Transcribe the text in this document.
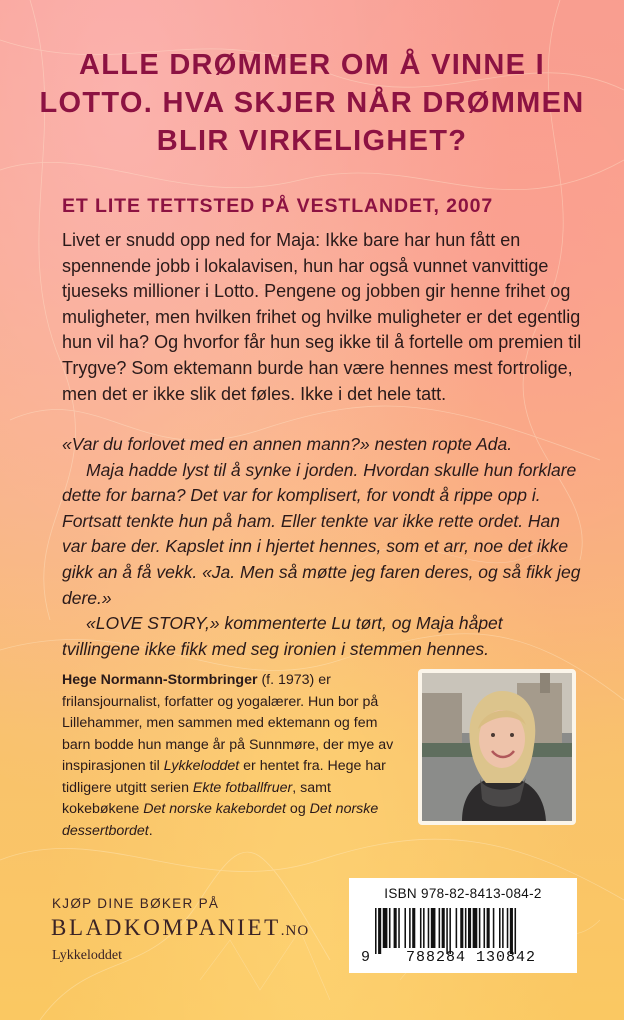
ALLE DRØMMER OM Å VINNE I LOTTO. HVA SKJER NÅR DRØMMEN BLIR VIRKELIGHET?
ET LITE TETTSTED PÅ VESTLANDET, 2007

Livet er snudd opp ned for Maja: Ikke bare har hun fått en spennende jobb i lokalavisen, hun har også vunnet vanvittige tjueseks millioner i Lotto. Pengene og jobben gir henne frihet og muligheter, men hvilken frihet og hvilke muligheter er det egentlig hun vil ha? Og hvorfor får hun seg ikke til å fortelle om premien til Trygve? Som ektemann burde han være hennes mest fortrolige, men det er ikke slik det føles. Ikke i det hele tatt.

«Var du forlovet med en annen mann?» nesten ropte Ada.

Maja hadde lyst til å synke i jorden. Hvordan skulle hun forklare dette for barna? Det var for komplisert, for vondt å rippe opp i. Fortsatt tenkte hun på ham. Eller tenkte var ikke rette ordet. Han var bare der. Kapslet inn i hjertet hennes, som et arr, noe det ikke gikk an å få vekk. «Ja. Men så møtte jeg faren deres, og så fikk jeg dere.»

«LOVE STORY,» kommenterte Lu tørt, og Maja håpet tvillingene ikke fikk med seg ironien i stemmen hennes.

Hege Normann-Stormbringer (f. 1973) er frilansjournalist, forfatter og yogalærer. Hun bor på Lillehammer, men sammen med ektemann og fem barn bodde hun mange år på Sunnmøre, der mye av inspirasjonen til Lykkeloddet er hentet fra. Hege har tidligere utgitt serien Ekte fotballfruer, samt kokebøkene Det norske kakebordet og Det norske dessertbordet.

KJØP DINE BØKER PÅ

BLADKOMPANIET.NO

Lykkeloddet

ISBN 978-82-8413-084-2

9	788284 130842
